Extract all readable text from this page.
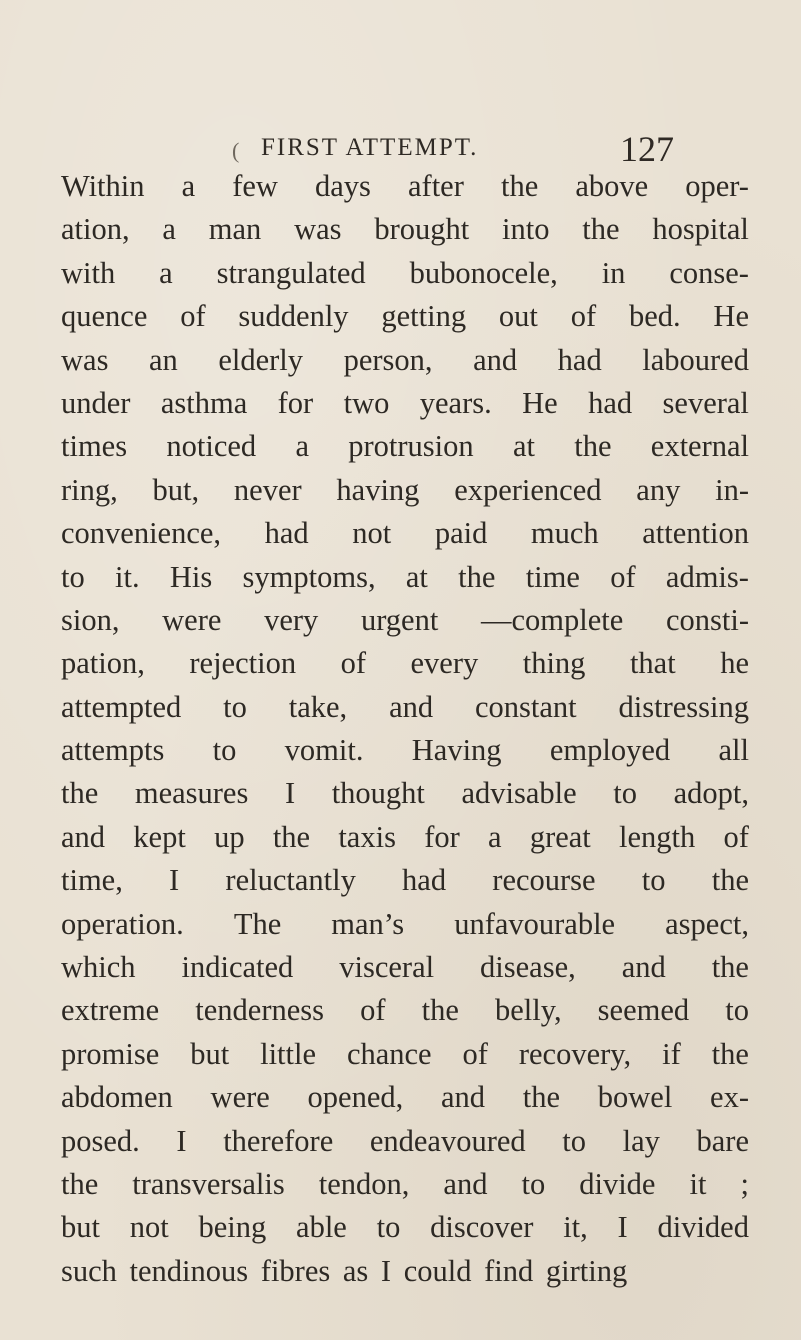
( FIRST ATTEMPT.	127
Within a few days after the above oper-
ation, a man was brought into the hospital
with a strangulated bubonocele, in conse-
quence of suddenly getting out of bed. He
was an elderly person, and had laboured
under asthma for two years. He had several
times noticed a protrusion at the external
ring, but, never having experienced any in-
convenience, had not paid much attention
to it. His symptoms, at the time of admis-
sion, were very urgent —complete consti-
pation, rejection of every thing that he
attempted to take, and constant distressing
attempts to vomit. Having employed all
the measures I thought advisable to adopt,
and kept up the taxis for a great length of
time, I reluctantly had recourse to the
operation. The man’s unfavourable aspect,
which indicated visceral disease, and the
extreme tenderness of the belly, seemed to
promise but little chance of recovery, if the
abdomen were opened, and the bowel ex-
posed. I therefore endeavoured to lay bare
the transversalis tendon, and to divide it ;
but not being able to discover it, I divided
such
tendinous
fibres
as
I
could
find
girting
